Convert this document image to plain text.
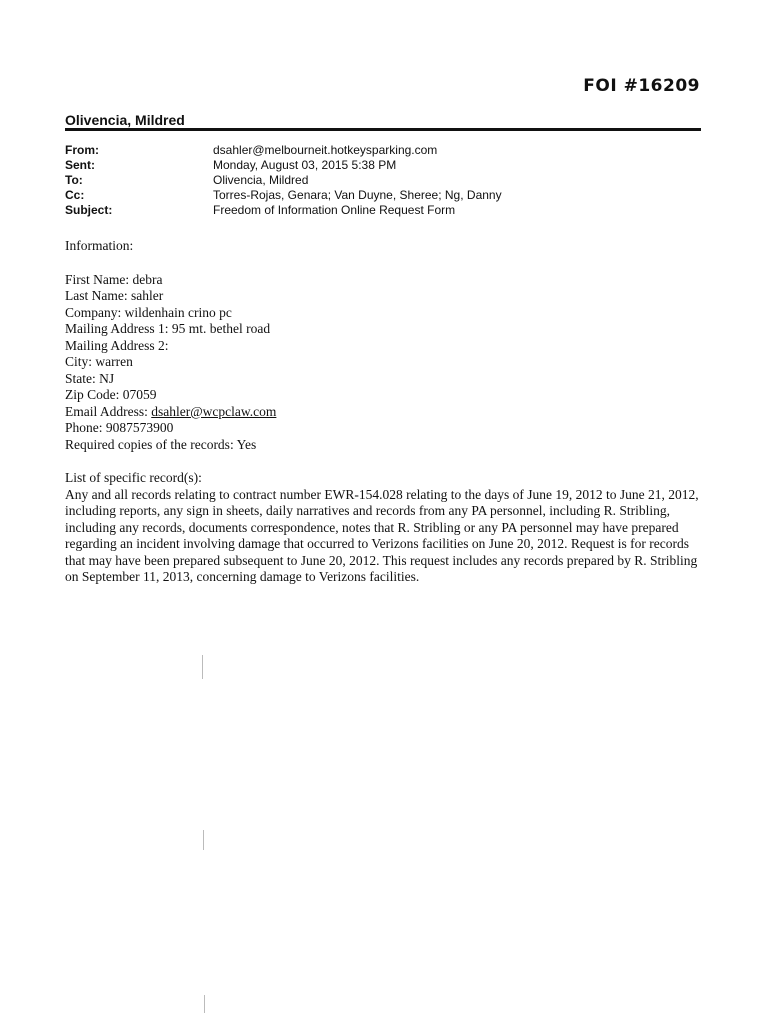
FOI #16209
Olivencia, Mildred
From:	dsahler@melbourneit.hotkeysparking.com
Sent:	Monday, August 03, 2015 5:38 PM
To:	Olivencia, Mildred
Cc:	Torres-Rojas, Genara; Van Duyne, Sheree; Ng, Danny
Subject:	Freedom of Information Online Request Form

Information:

First Name: debra

Last Name: sahler

Company: wildenhain crino pc

Mailing Address 1: 95 mt. bethel road

Mailing Address 2:

City: warren

State: NJ

Zip Code: 07059

Email Address: dsahler@wcpclaw.com

Phone: 9087573900

Required copies of the records: Yes

List of specific record(s):

Any and all records relating to contract number EWR-154.028 relating to the days of June 19, 2012 to June 21, 2012, including reports, any sign in sheets, daily narratives and records from any PA personnel, including R. Stribling, including any records, documents correspondence, notes that R. Stribling or any PA personnel may have prepared regarding an incident involving damage that occurred to Verizons facilities on June 20, 2012. Request is for records that may have been prepared subsequent to June 20, 2012. This request includes any records prepared by R. Stribling on September 11, 2013, concerning damage to Verizons facilities.
